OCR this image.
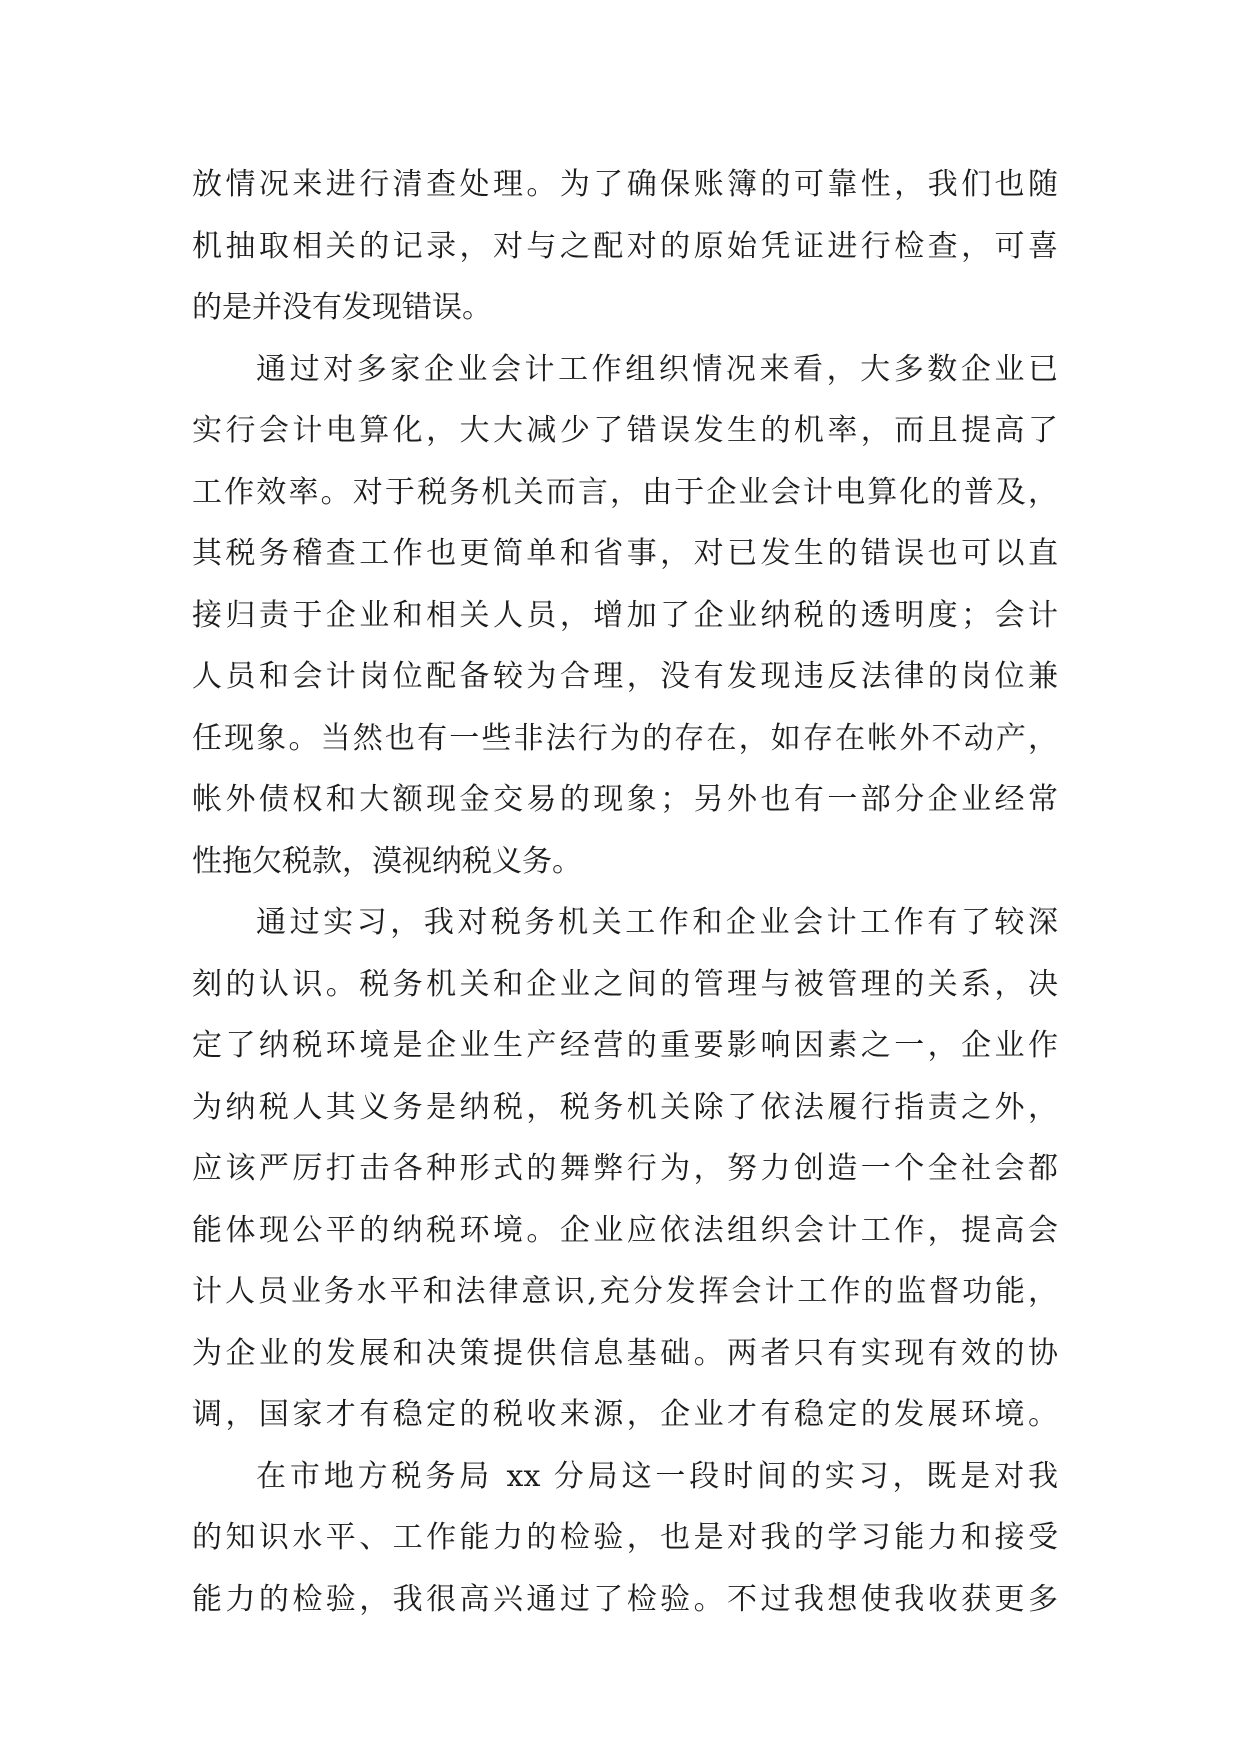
放情况来进行清查处理。为了确保账簿的可靠性，我们也随
机抽取相关的记录，对与之配对的原始凭证进行检查，可喜
的是并没有发现错误。
通过对多家企业会计工作组织情况来看，大多数企业已
实行会计电算化，大大减少了错误发生的机率，而且提高了
工作效率。对于税务机关而言，由于企业会计电算化的普及，
其税务稽查工作也更简单和省事，对已发生的错误也可以直
接归责于企业和相关人员，增加了企业纳税的透明度；会计
人员和会计岗位配备较为合理，没有发现违反法律的岗位兼
任现象。当然也有一些非法行为的存在，如存在帐外不动产，
帐外债权和大额现金交易的现象；另外也有一部分企业经常
性拖欠税款，漠视纳税义务。
通过实习，我对税务机关工作和企业会计工作有了较深
刻的认识。税务机关和企业之间的管理与被管理的关系，决
定了纳税环境是企业生产经营的重要影响因素之一，企业作
为纳税人其义务是纳税，税务机关除了依法履行指责之外，
应该严厉打击各种形式的舞弊行为，努力创造一个全社会都
能体现公平的纳税环境。企业应依法组织会计工作，提高会
计人员业务水平和法律意识,充分发挥会计工作的监督功能，
为企业的发展和决策提供信息基础。两者只有实现有效的协
调，国家才有稳定的税收来源，企业才有稳定的发展环境。
在市地方税务局 xx 分局这一段时间的实习，既是对我
的知识水平、工作能力的检验，也是对我的学习能力和接受
能力的检验，我很高兴通过了检验。不过我想使我收获更多
